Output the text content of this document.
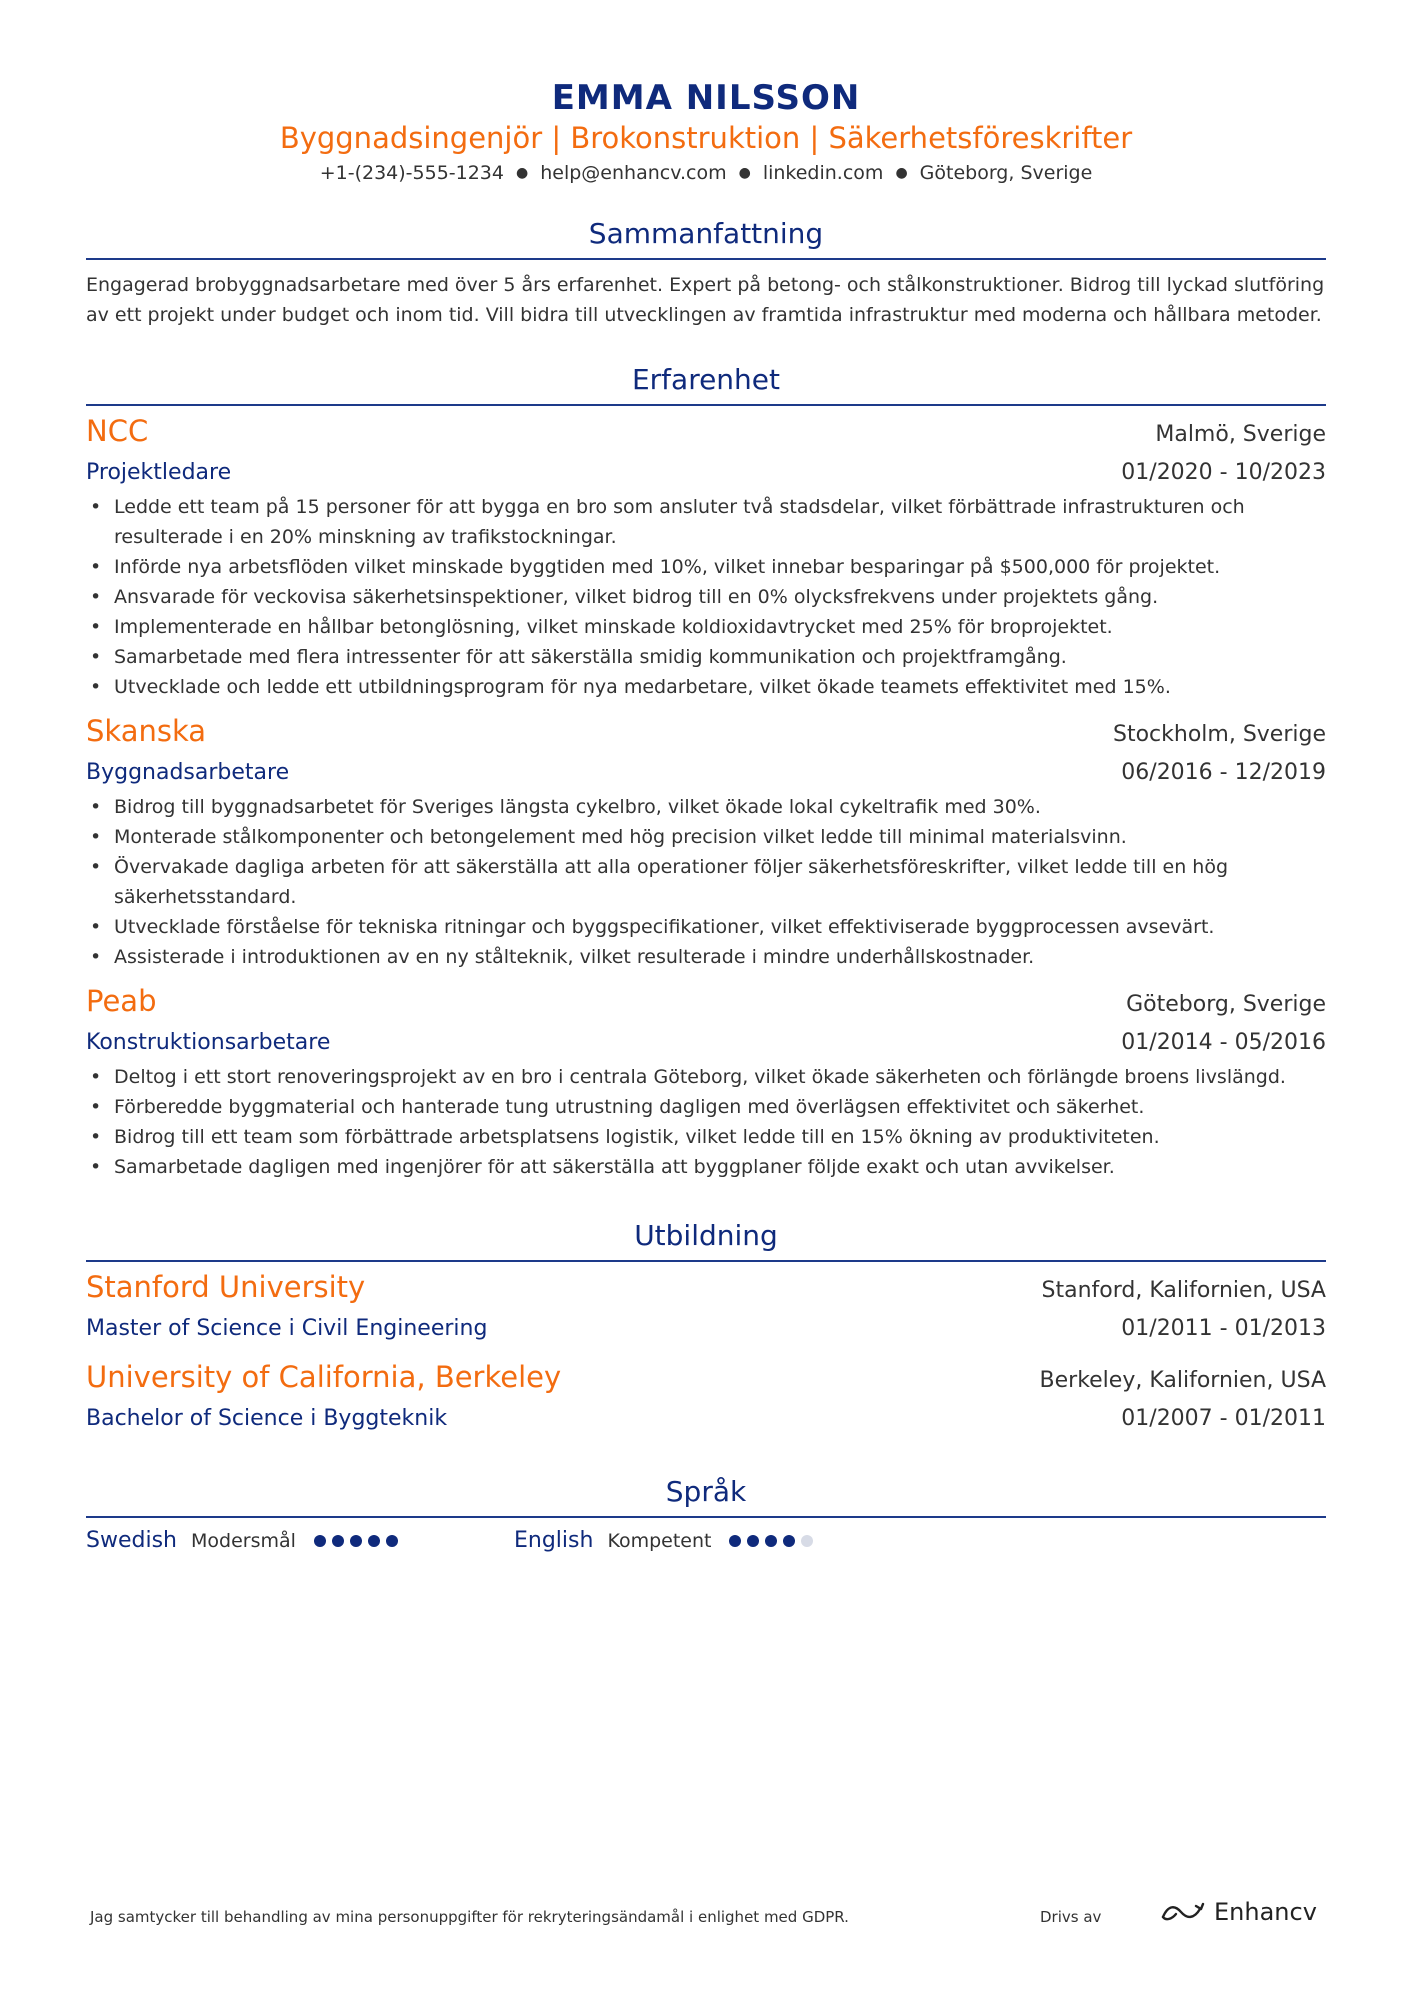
EMMA NILSSON
Byggnadsingenjör | Brokonstruktion | Säkerhetsföreskrifter
+1-(234)-555-1234 ● help@enhancv.com ● linkedin.com ● Göteborg, Sverige
Sammanfattning
Engagerad brobyggnadsarbetare med över 5 års erfarenhet. Expert på betong- och stålkonstruktioner. Bidrog till lyckad slutföring av ett projekt under budget och inom tid. Vill bidra till utvecklingen av framtida infrastruktur med moderna och hållbara metoder.
Erfarenhet
NCC	Malmö, Sverige
Projektledare	01/2020 - 10/2023
• Ledde ett team på 15 personer för att bygga en bro som ansluter två stadsdelar, vilket förbättrade infrastrukturen och resulterade i en 20% minskning av trafikstockningar.
• Införde nya arbetsflöden vilket minskade byggtiden med 10%, vilket innebar besparingar på $500,000 för projektet.
• Ansvarade för veckovisa säkerhetsinspektioner, vilket bidrog till en 0% olycksfrekvens under projektets gång.
• Implementerade en hållbar betonglösning, vilket minskade koldioxidavtrycket med 25% för broprojektet.
• Samarbetade med flera intressenter för att säkerställa smidig kommunikation och projektframgång.
• Utvecklade och ledde ett utbildningsprogram för nya medarbetare, vilket ökade teamets effektivitet med 15%.
Skanska	Stockholm, Sverige
Byggnadsarbetare	06/2016 - 12/2019
• Bidrog till byggnadsarbetet för Sveriges längsta cykelbro, vilket ökade lokal cykeltrafik med 30%.
• Monterade stålkomponenter och betongelement med hög precision vilket ledde till minimal materialsvinn.
• Övervakade dagliga arbeten för att säkerställa att alla operationer följer säkerhetsföreskrifter, vilket ledde till en hög säkerhetsstandard.
• Utvecklade förståelse för tekniska ritningar och byggspecifikationer, vilket effektiviserade byggprocessen avsevärt.
• Assisterade i introduktionen av en ny stålteknik, vilket resulterade i mindre underhållskostnader.
Peab	Göteborg, Sverige
Konstruktionsarbetare	01/2014 - 05/2016
• Deltog i ett stort renoveringsprojekt av en bro i centrala Göteborg, vilket ökade säkerheten och förlängde broens livslängd.
• Förberedde byggmaterial och hanterade tung utrustning dagligen med överlägsen effektivitet och säkerhet.
• Bidrog till ett team som förbättrade arbetsplatsens logistik, vilket ledde till en 15% ökning av produktiviteten.
• Samarbetade dagligen med ingenjörer för att säkerställa att byggplaner följde exakt och utan avvikelser.
Utbildning
Stanford University	Stanford, Kalifornien, USA
Master of Science i Civil Engineering	01/2011 - 01/2013
University of California, Berkeley	Berkeley, Kalifornien, USA
Bachelor of Science i Byggteknik	01/2007 - 01/2011
Språk
Swedish Modersmål	English Kompetent
Jag samtycker till behandling av mina personuppgifter för rekryteringsändamål i enlighet med GDPR.	Drivs av	Enhancv
